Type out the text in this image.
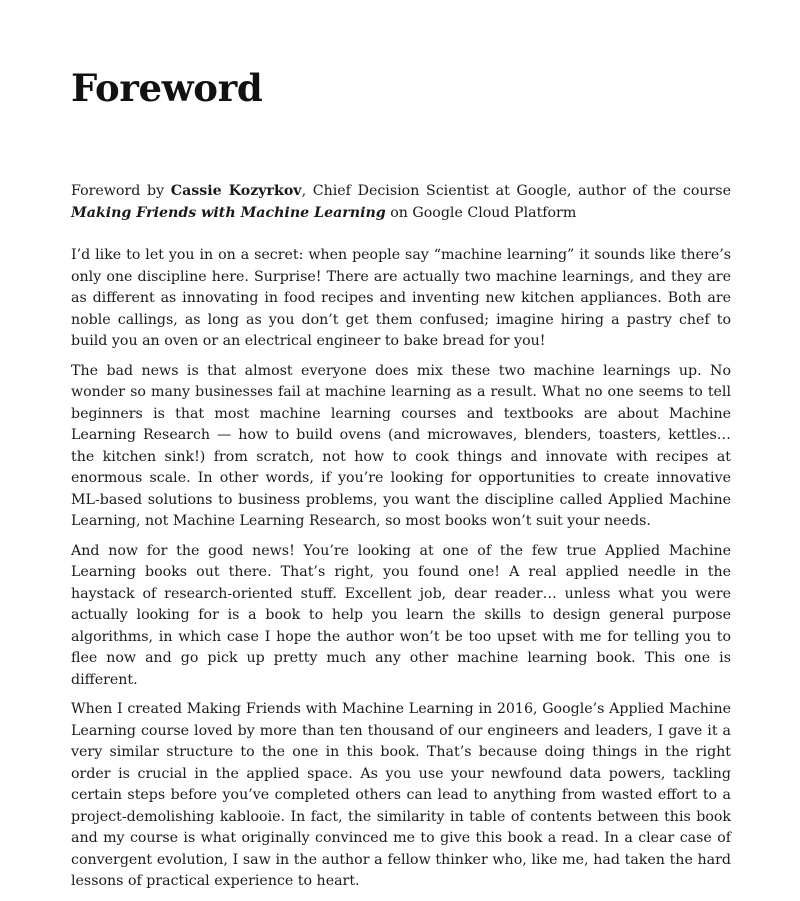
Foreword

Foreword by Cassie Kozyrkov, Chief Decision Scientist at Google, author of the course Making Friends with Machine Learning on Google Cloud Platform

I’d like to let you in on a secret: when people say “machine learning” it sounds like there’s only one discipline here. Surprise! There are actually two machine learnings, and they are as different as innovating in food recipes and inventing new kitchen appliances. Both are noble callings, as long as you don’t get them confused; imagine hiring a pastry chef to build you an oven or an electrical engineer to bake bread for you!

The bad news is that almost everyone does mix these two machine learnings up. No wonder so many businesses fail at machine learning as a result. What no one seems to tell beginners is that most machine learning courses and textbooks are about Machine Learning Research — how to build ovens (and microwaves, blenders, toasters, kettles… the kitchen sink!) from scratch, not how to cook things and innovate with recipes at enormous scale. In other words, if you’re looking for opportunities to create innovative ML-based solutions to business problems, you want the discipline called Applied Machine Learning, not Machine Learning Research, so most books won’t suit your needs.

And now for the good news! You’re looking at one of the few true Applied Machine Learning books out there. That’s right, you found one! A real applied needle in the haystack of research-oriented stuff. Excellent job, dear reader… unless what you were actually looking for is a book to help you learn the skills to design general purpose algorithms, in which case I hope the author won’t be too upset with me for telling you to flee now and go pick up pretty much any other machine learning book. This one is different.

When I created Making Friends with Machine Learning in 2016, Google’s Applied Machine Learning course loved by more than ten thousand of our engineers and leaders, I gave it a very similar structure to the one in this book. That’s because doing things in the right order is crucial in the applied space. As you use your newfound data powers, tackling certain steps before you’ve completed others can lead to anything from wasted effort to a project-demolishing kablooie. In fact, the similarity in table of contents between this book and my course is what originally convinced me to give this book a read. In a clear case of convergent evolution, I saw in the author a fellow thinker who, like me, had taken the hard lessons of practical experience to heart.
